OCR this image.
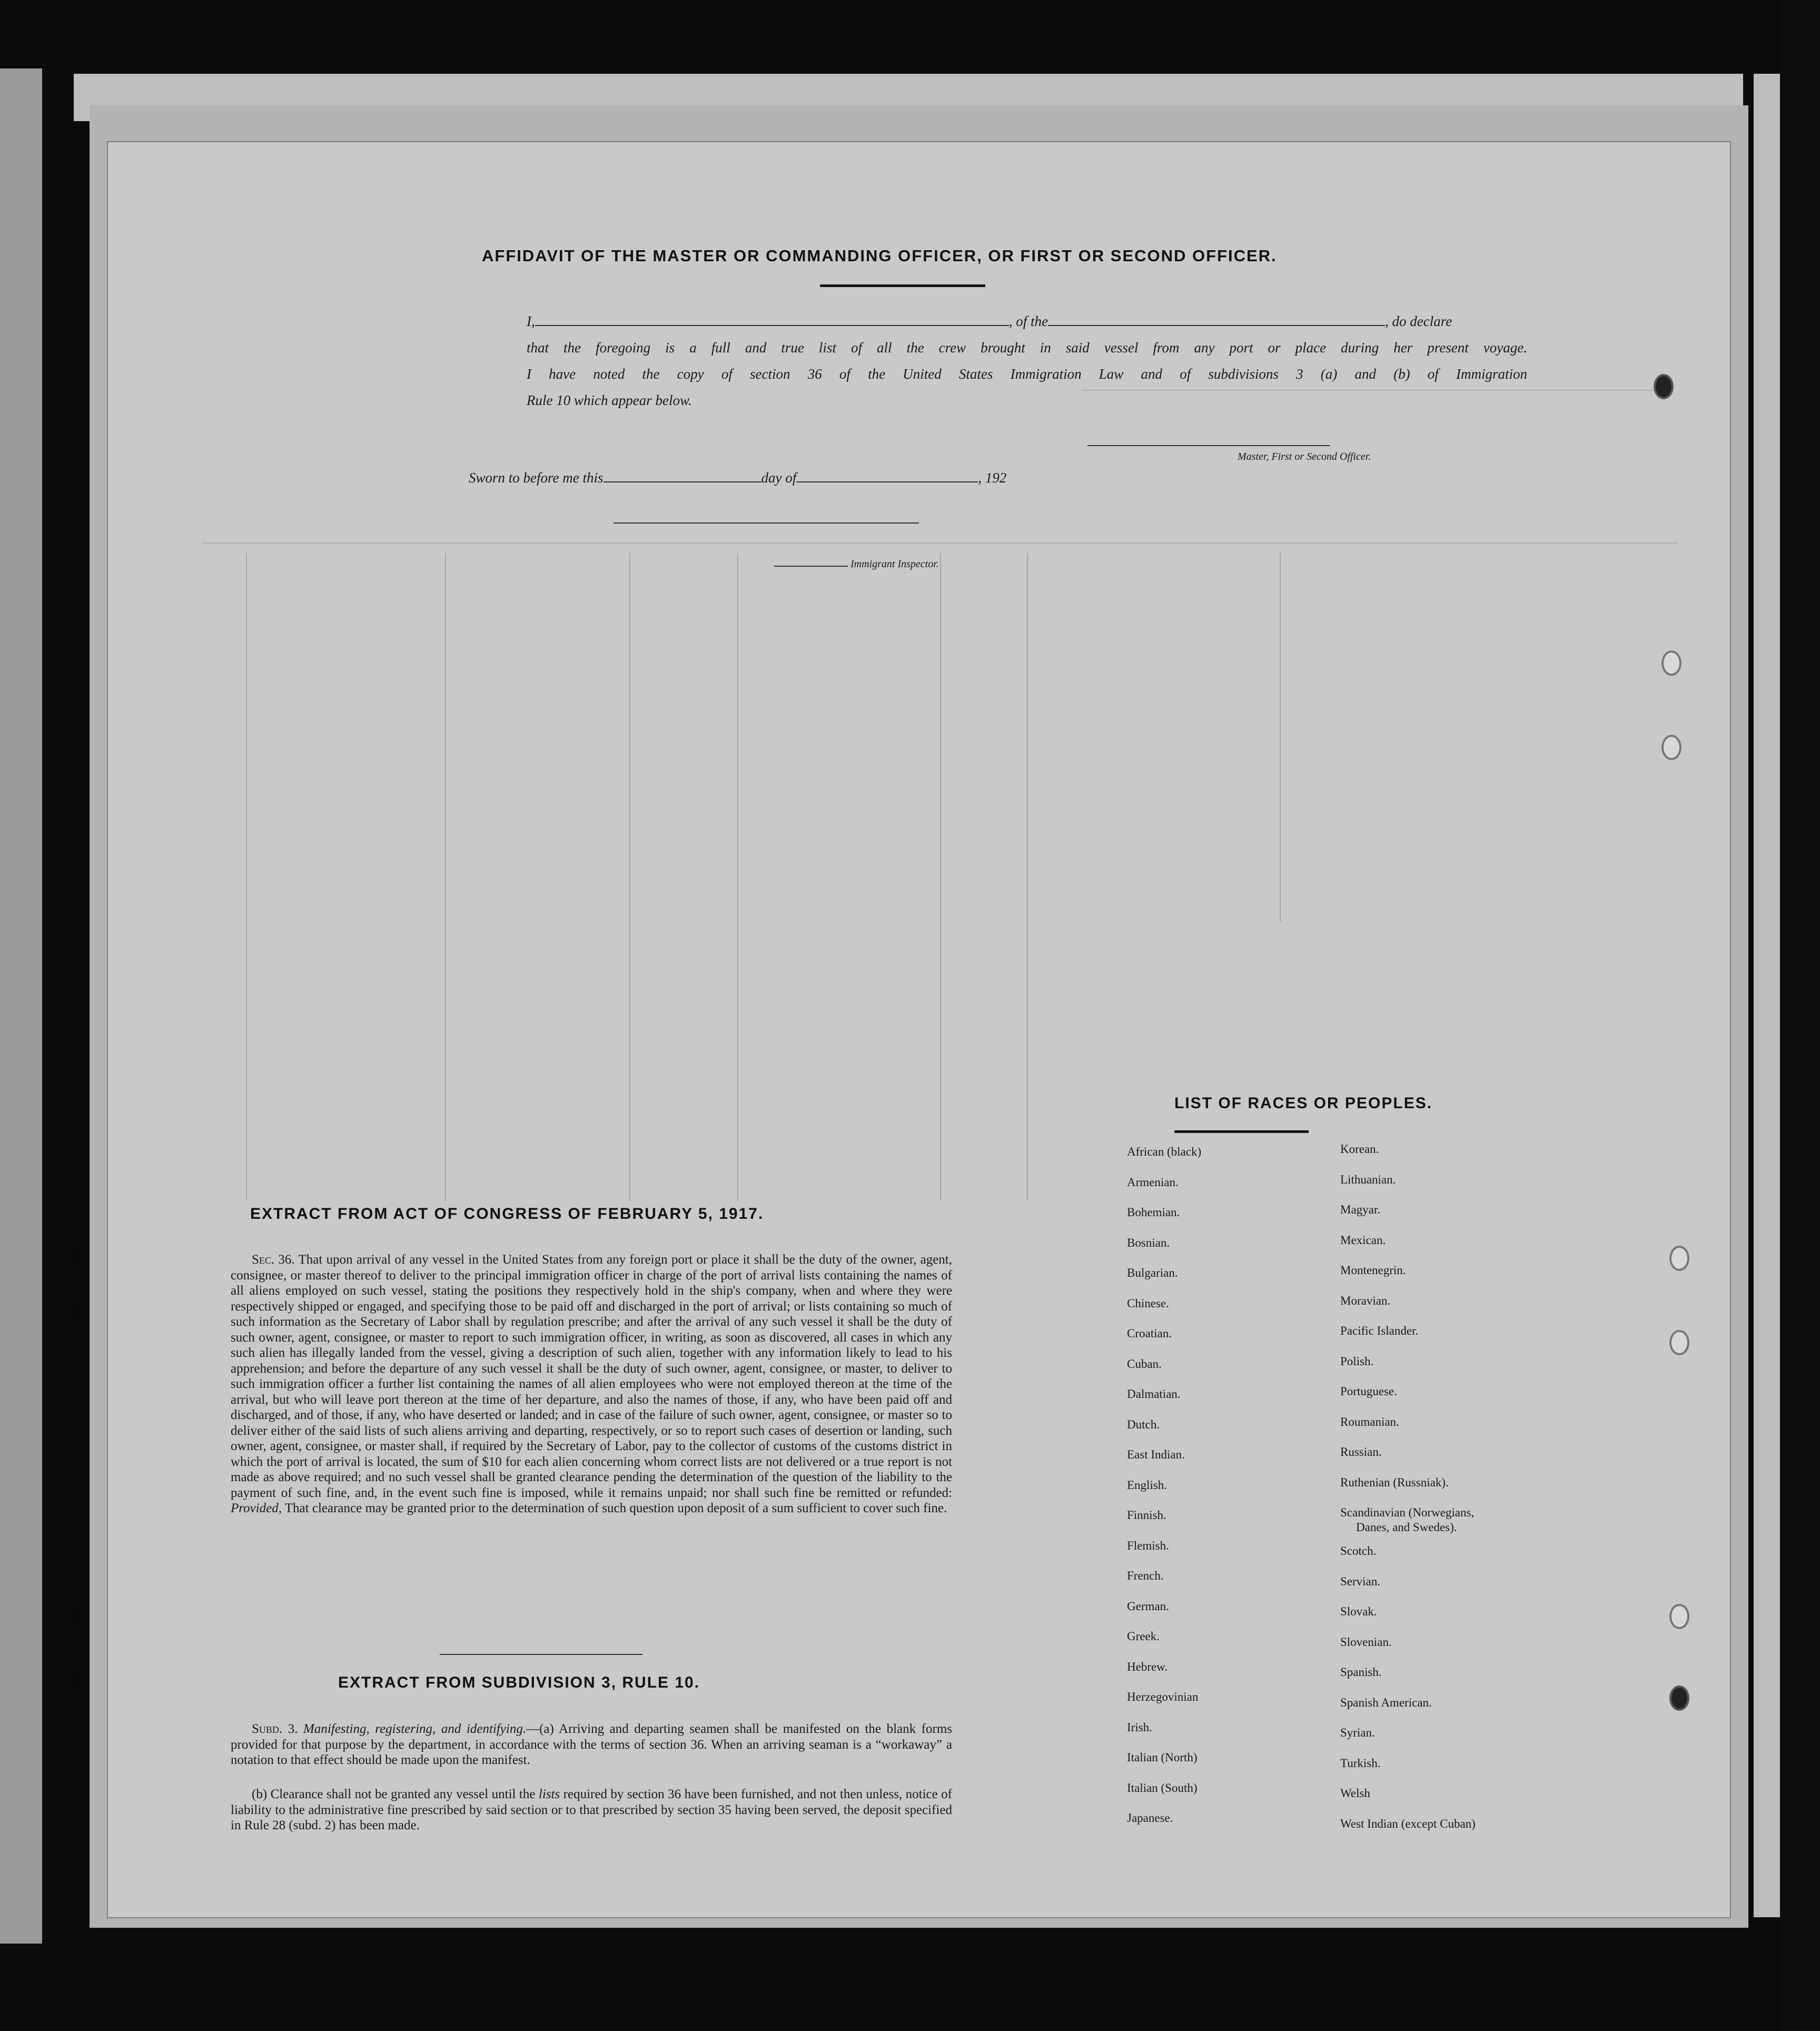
AFFIDAVIT OF THE MASTER OR COMMANDING OFFICER, OR FIRST OR SECOND OFFICER.
I,	, of the	, do declare
that the foregoing is a full and true list of all the crew brought in said vessel from any port or place during her present voyage.
I have noted the copy of section 36 of the United States Immigration Law and of subdivisions 3 (a) and (b) of Immigration
Rule 10 which appear below.
Master, First or Second Officer.
Sworn to before me this	day of	, 192
Immigrant Inspector.
EXTRACT FROM ACT OF CONGRESS OF FEBRUARY 5, 1917.
Sec. 36. That upon arrival of any vessel in the United States from any foreign port or place it shall be the duty of the owner, agent, consignee, or master thereof to deliver to the principal immigration officer in charge of the port of arrival lists containing the names of all aliens employed on such vessel, stating the positions they respectively hold in the ship's company, when and where they were respectively shipped or engaged, and specifying those to be paid off and discharged in the port of arrival; or lists containing so much of such information as the Secretary of Labor shall by regulation prescribe; and after the arrival of any such vessel it shall be the duty of such owner, agent, consignee, or master to report to such immigration officer, in writing, as soon as discovered, all cases in which any such alien has illegally landed from the vessel, giving a description of such alien, together with any information likely to lead to his apprehension; and before the departure of any such vessel it shall be the duty of such owner, agent, consignee, or master, to deliver to such immigration officer a further list containing the names of all alien employees who were not employed thereon at the time of the arrival, but who will leave port thereon at the time of her departure, and also the names of those, if any, who have been paid off and discharged, and of those, if any, who have deserted or landed; and in case of the failure of such owner, agent, consignee, or master so to deliver either of the said lists of such aliens arriving and departing, respectively, or so to report such cases of desertion or landing, such owner, agent, consignee, or master shall, if required by the Secretary of Labor, pay to the collector of customs of the customs district in which the port of arrival is located, the sum of $10 for each alien concerning whom correct lists are not delivered or a true report is not made as above required; and no such vessel shall be granted clearance pending the determination of the question of the liability to the payment of such fine, and, in the event such fine is imposed, while it remains unpaid; nor shall such fine be remitted or refunded: Provided, That clearance may be granted prior to the determination of such question upon deposit of a sum sufficient to cover such fine.
EXTRACT FROM SUBDIVISION 3, RULE 10.
Subd. 3. Manifesting, registering, and identifying.—(a) Arriving and departing seamen shall be manifested on the blank forms provided for that purpose by the department, in accordance with the terms of section 36. When an arriving seaman is a “workaway” a notation to that effect should be made upon the manifest.
(b) Clearance shall not be granted any vessel until the lists required by section 36 have been furnished, and not then unless, notice of liability to the administrative fine prescribed by said section or to that prescribed by section 35 having been served, the deposit specified in Rule 28 (subd. 2) has been made.
LIST OF RACES OR PEOPLES.
African (black)
Armenian.
Bohemian.
Bosnian.
Bulgarian.
Chinese.
Croatian.
Cuban.
Dalmatian.
Dutch.
East Indian.
English.
Finnish.
Flemish.
French.
German.
Greek.
Hebrew.
Herzegovinian
Irish.
Italian (North)
Italian (South)
Japanese.
Korean.
Lithuanian.
Magyar.
Mexican.
Montenegrin.
Moravian.
Pacific Islander.
Polish.
Portuguese.
Roumanian.
Russian.
Ruthenian (Russniak).
Scandinavian (Norwegians,
Danes, and Swedes).
Scotch.
Servian.
Slovak.
Slovenian.
Spanish.
Spanish American.
Syrian.
Turkish.
Welsh
West Indian (except Cuban)
